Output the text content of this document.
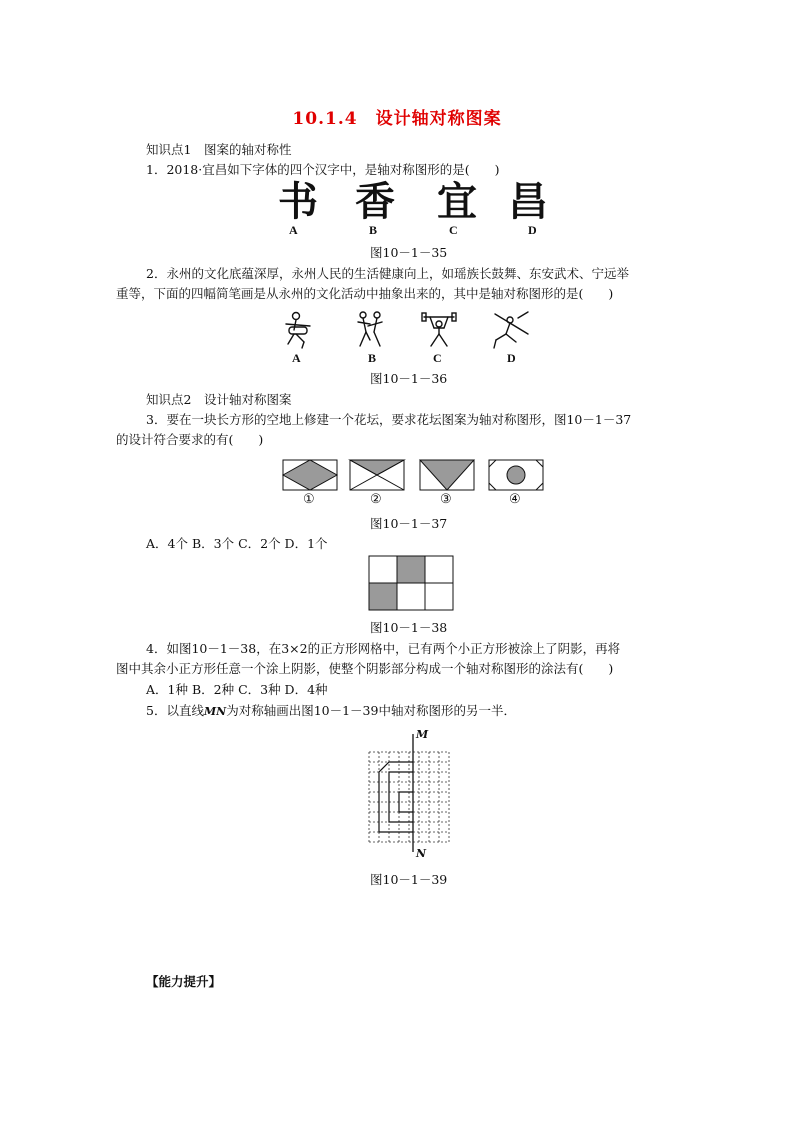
10.1.4　设计轴对称图案
知识点1　图案的轴对称性
1．2018·宜昌如下字体的四个汉字中，是轴对称图形的是(　　)
书 香 宜 昌
A	B	C	D
图10－1－35
2．永州的文化底蕴深厚，永州人民的生活健康向上，如瑶族长鼓舞、东安武术、宁远举
重等，下面的四幅简笔画是从永州的文化活动中抽象出来的，其中是轴对称图形的是(　　)
A	B	C	D
图10－1－36
知识点2　设计轴对称图案
3．要在一块长方形的空地上修建一个花坛，要求花坛图案为轴对称图形，图10－1－37
的设计符合要求的有(　　)
①	②	③	④
图10－1－37
A．4个 B．3个 C．2个 D．1个
图10－1－38
4．如图10－1－38，在3×2的正方形网格中，已有两个小正方形被涂上了阴影，再将
图中其余小正方形任意一个涂上阴影，使整个阴影部分构成一个轴对称图形的涂法有(　　)
A．1种 B．2种 C．3种 D．4种
5．以直线MN为对称轴画出图10－1－39中轴对称图形的另一半．
M
N
图10－1－39
【能力提升】
